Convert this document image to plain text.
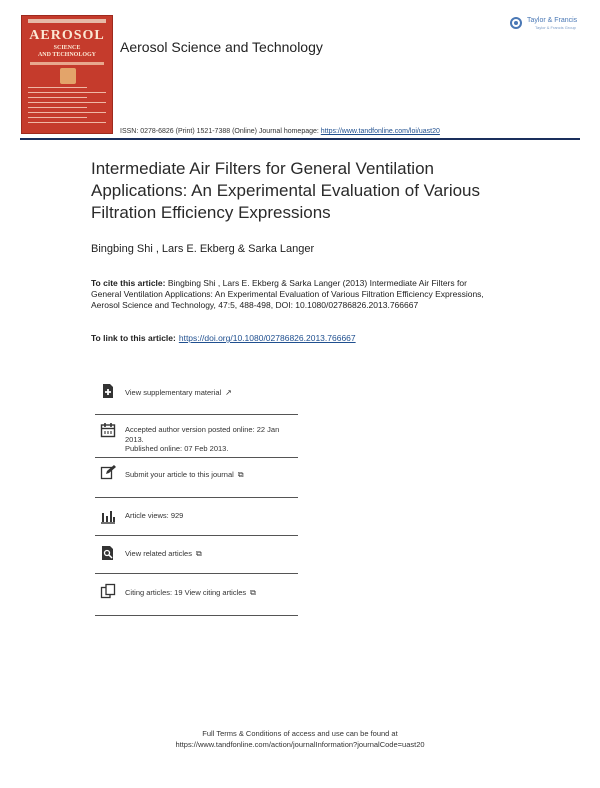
AEROSOL
SCIENCE
AND TECHNOLOGY	Aerosol Science and Technology
Taylor & Francis
Taylor & Francis Group
ISSN: 0278-6826 (Print) 1521-7388 (Online) Journal homepage: https://www.tandfonline.com/loi/uast20
Intermediate Air Filters for General Ventilation Applications: An Experimental Evaluation of Various Filtration Efficiency Expressions
Bingbing Shi , Lars E. Ekberg & Sarka Langer
To cite this article: Bingbing Shi , Lars E. Ekberg & Sarka Langer (2013) Intermediate Air Filters for General Ventilation Applications: An Experimental Evaluation of Various Filtration Efficiency Expressions, Aerosol Science and Technology, 47:5, 488-498, DOI: 10.1080/02786826.2013.766667
To link to this article: https://doi.org/10.1080/02786826.2013.766667
View supplementary material ↗
Accepted author version posted online: 22 Jan 2013.
Published online: 07 Feb 2013.
Submit your article to this journal ⧉
Article views: 929
View related articles ⧉
Citing articles: 19 View citing articles ⧉
Full Terms & Conditions of access and use can be found at
https://www.tandfonline.com/action/journalInformation?journalCode=uast20
